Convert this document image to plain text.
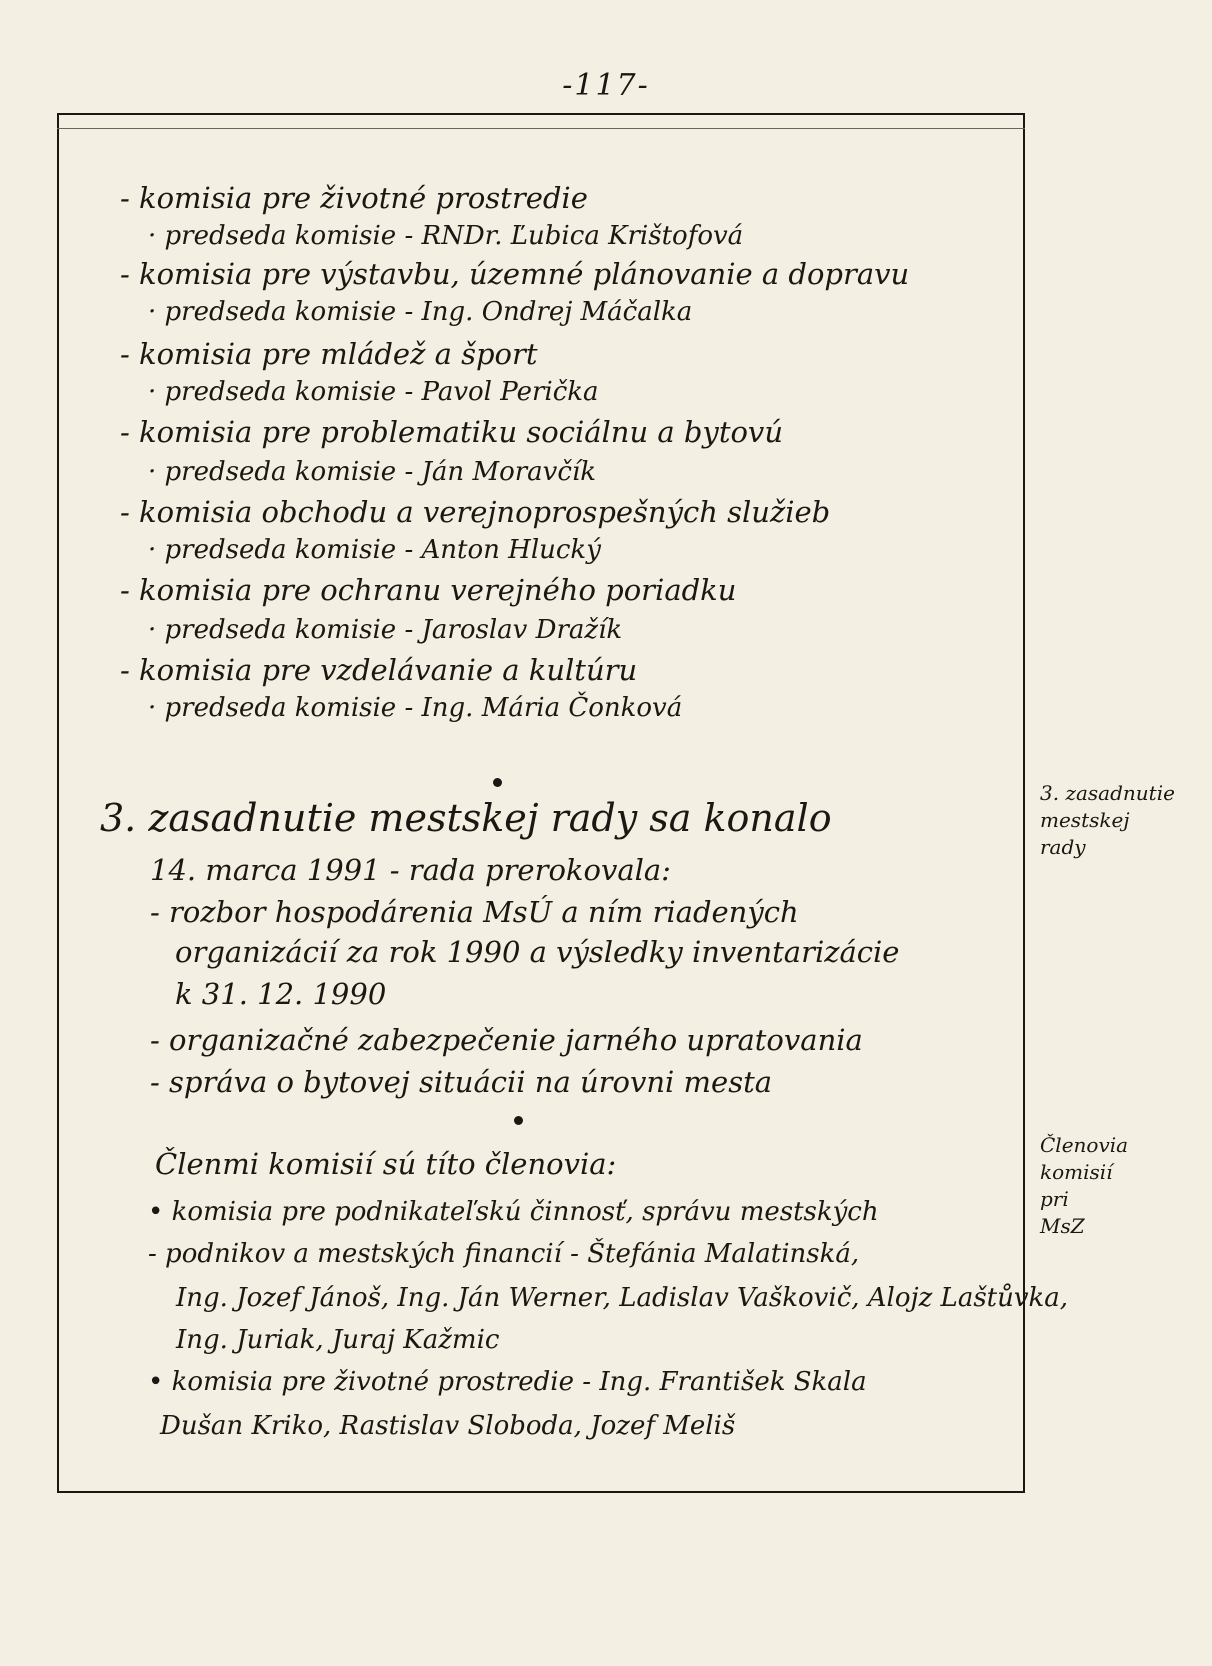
-117-
- komisia pre životné prostredie
· predseda komisie - RNDr. Ľubica Krištofová
- komisia pre výstavbu, územné plánovanie a dopravu
· predseda komisie - Ing. Ondrej Máčalka
- komisia pre mládež a šport
· predseda komisie - Pavol Perička
- komisia pre problematiku sociálnu a bytovú
· predseda komisie - Ján Moravčík
- komisia obchodu a verejnoprospešných služieb
· predseda komisie - Anton Hlucký
- komisia pre ochranu verejného poriadku
· predseda komisie - Jaroslav Dražík
- komisia pre vzdelávanie a kultúru
· predseda komisie - Ing. Mária Čonková
3. zasadnutie mestskej rady sa konalo
14. marca 1991 - rada prerokovala:
- rozbor hospodárenia MsÚ a ním riadených
organizácií za rok 1990 a výsledky inventarizácie
k 31. 12. 1990
- organizačné zabezpečenie jarného upratovania
- správa o bytovej situácii na úrovni mesta
Členmi komisií sú títo členovia:
• komisia pre podnikateľskú činnosť, správu mestských
- podnikov a mestských financií - Štefánia Malatinská,
Ing. Jozef Jánoš, Ing. Ján Werner, Ladislav Vaškovič, Alojz Laštůvka,
Ing. Juriak, Juraj Kažmic
• komisia pre životné prostredie - Ing. František Skala
Dušan Kriko, Rastislav Sloboda, Jozef Meliš
3. zasadnutie
mestskej
rady
Členovia
komisií
pri
MsZ
